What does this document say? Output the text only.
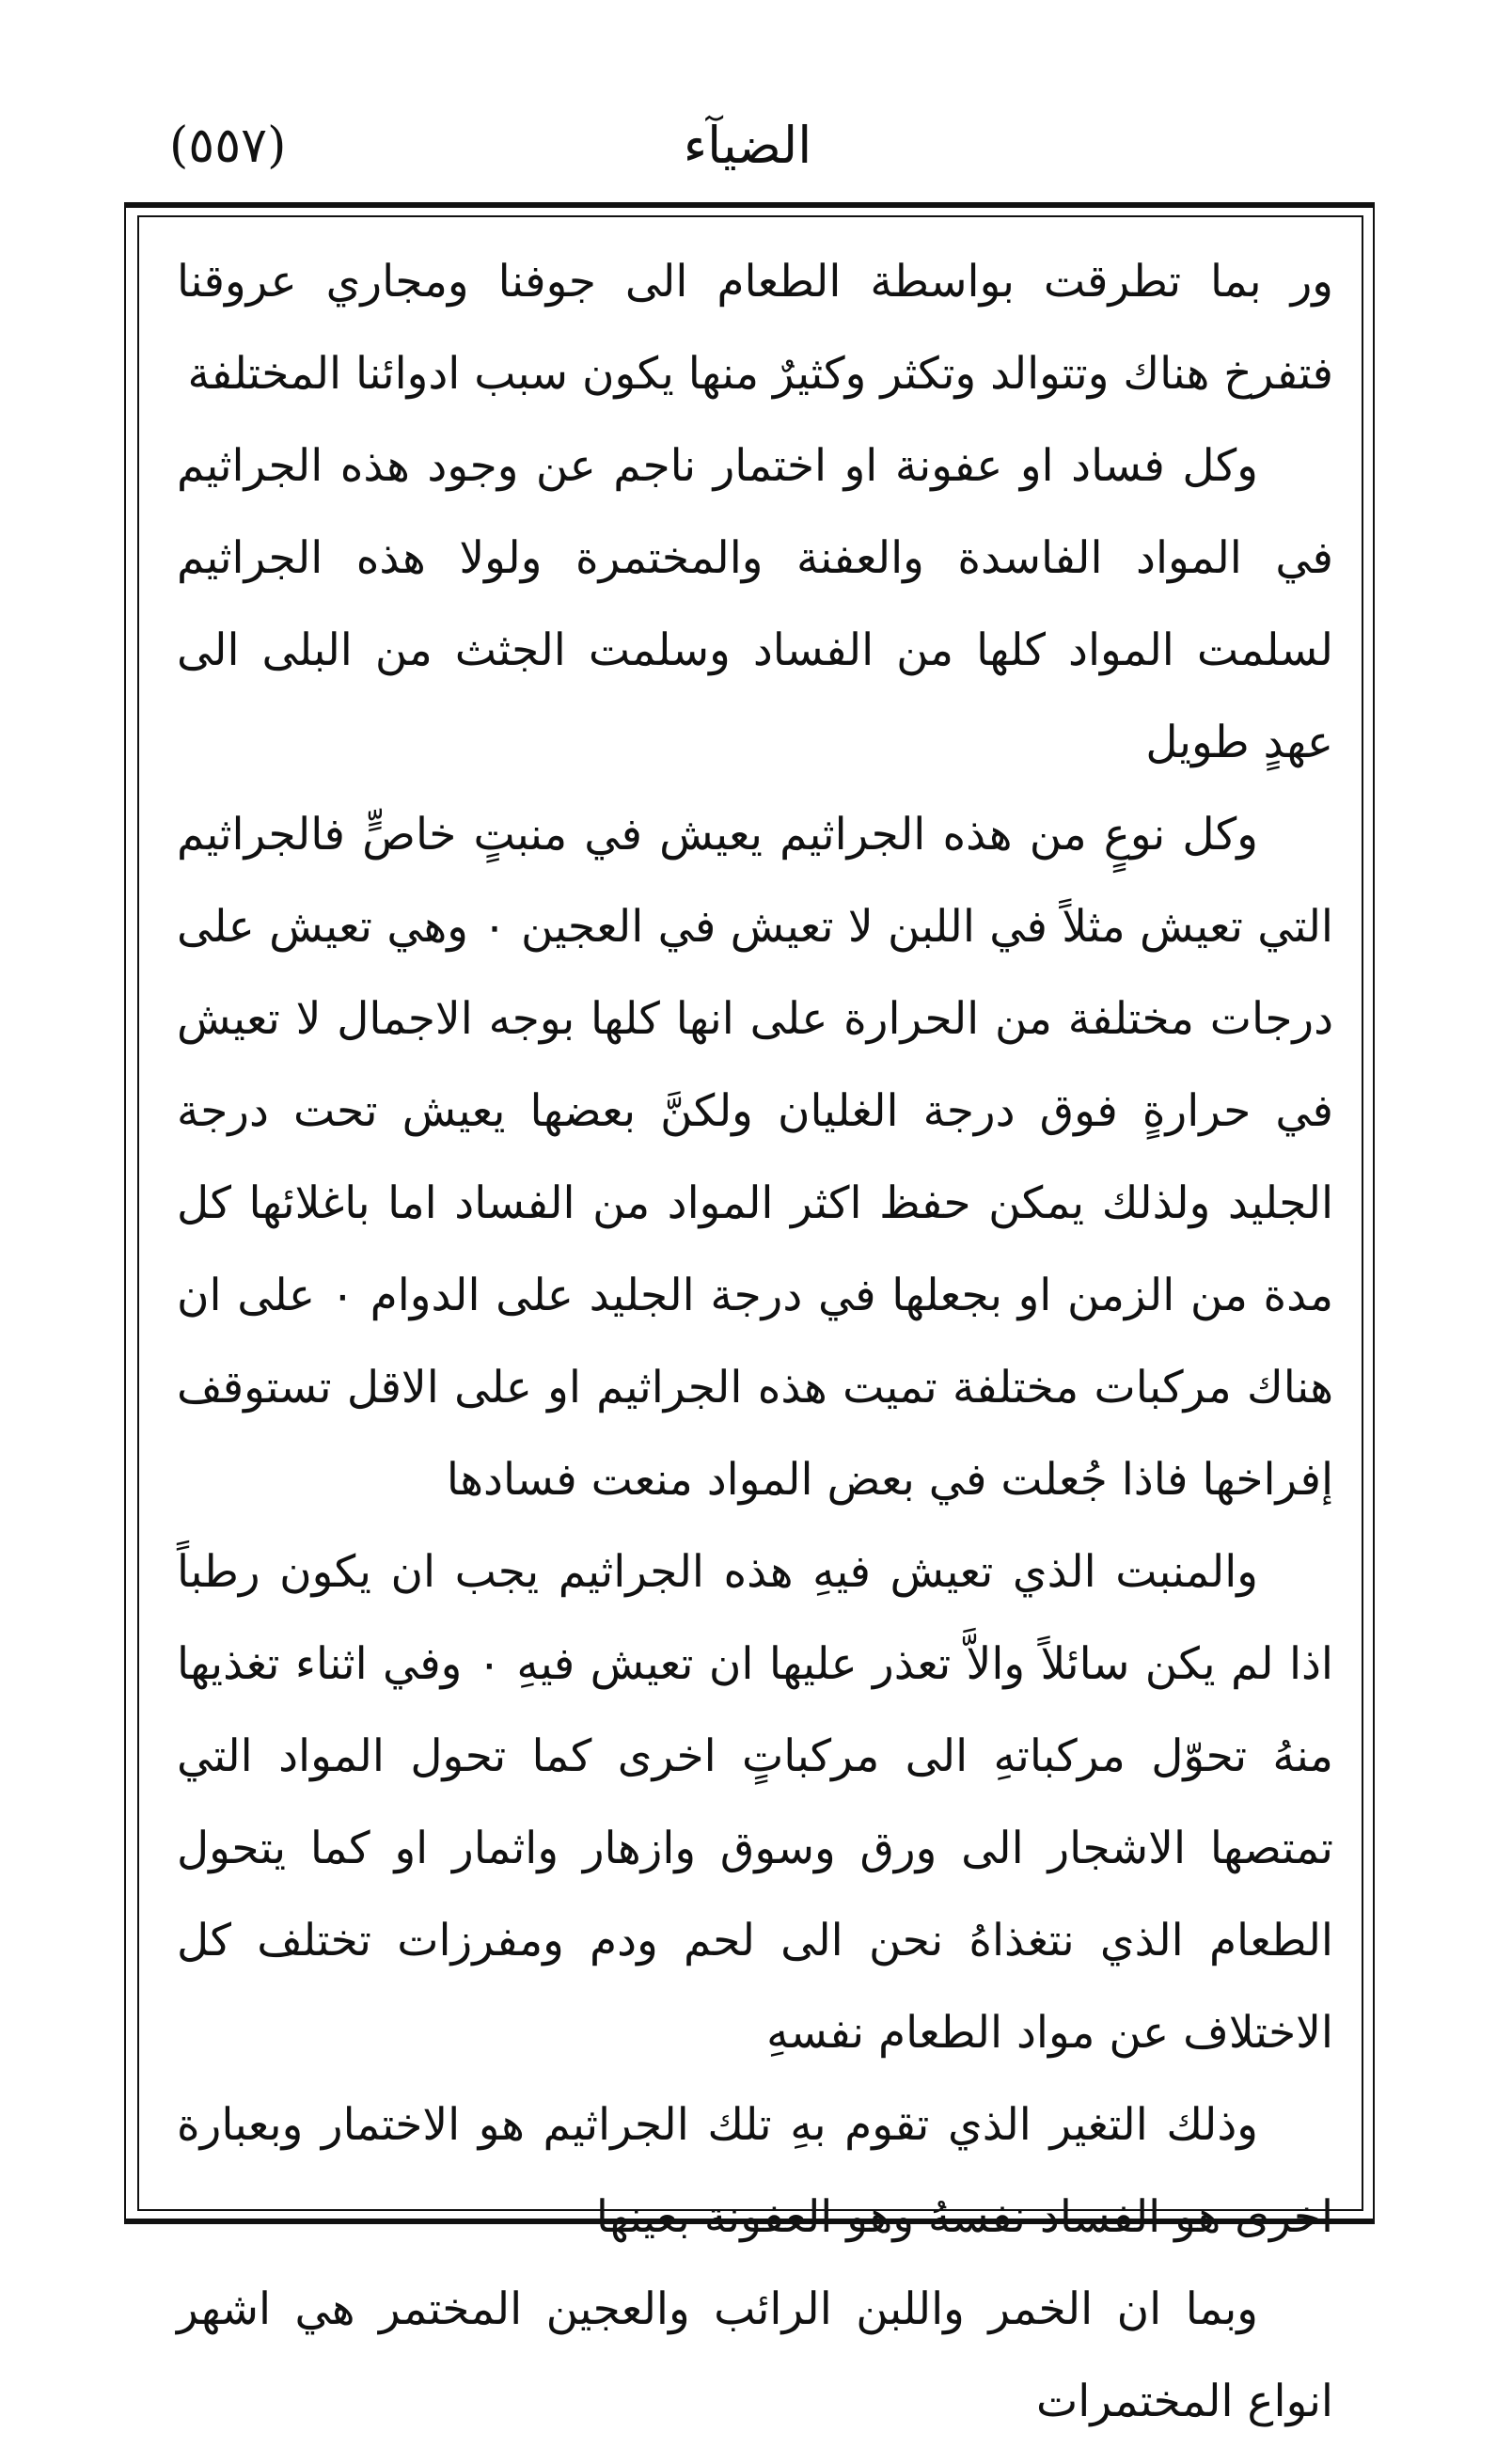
الضيآء
(٥٥٧)

ور بما تطرقت بواسطة الطعام الى جوفنا ومجاري عروقنا فتفرخ هناك وتتوالد وتكثر وكثيرٌ منها يكون سبب ادوائنا المختلفة

وكل فساد او عفونة او اختمار ناجم عن وجود هذه الجراثيم في المواد الفاسدة والعفنة والمختمرة ولولا هذه الجراثيم لسلمت المواد كلها من الفساد وسلمت الجثث من البلى الى عهدٍ طويل

وكل نوعٍ من هذه الجراثيم يعيش في منبتٍ خاصٍّ فالجراثيم التي تعيش مثلاً في اللبن لا تعيش في العجين ٠ وهي تعيش على درجات مختلفة من الحرارة على انها كلها بوجه الاجمال لا تعيش في حرارةٍ فوق درجة الغليان ولكنَّ بعضها يعيش تحت درجة الجليد ولذلك يمكن حفظ اكثر المواد من الفساد اما باغلائها كل مدة من الزمن او بجعلها في درجة الجليد على الدوام ٠ على ان هناك مركبات مختلفة تميت هذه الجراثيم او على الاقل تستوقف إفراخها فاذا جُعلت في بعض المواد منعت فسادها

والمنبت الذي تعيش فيهِ هذه الجراثيم يجب ان يكون رطباً اذا لم يكن سائلاً والاَّ تعذر عليها ان تعيش فيهِ ٠ وفي اثناء تغذيها منهُ تحوّل مركباتهِ الى مركباتٍ اخرى كما تحول المواد التي تمتصها الاشجار الى ورق وسوق وازهار واثمار او كما يتحول الطعام الذي نتغذاهُ نحن الى لحم ودم ومفرزات تختلف كل الاختلاف عن مواد الطعام نفسهِ

وذلك التغير الذي تقوم بهِ تلك الجراثيم هو الاختمار وبعبارة اخرى هو الفساد نفسهُ وهو العفونة بعينها

وبما ان الخمر واللبن الرائب والعجين المختمر هي اشهر انواع المختمرات
